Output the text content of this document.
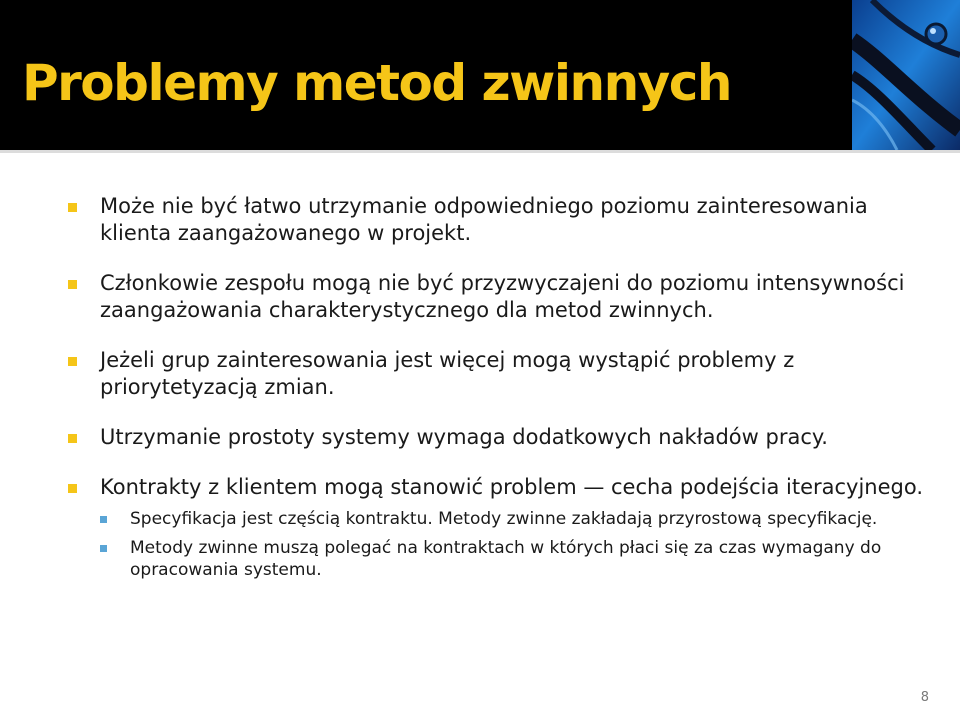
Problemy metod zwinnych
Może nie być łatwo utrzymanie odpowiedniego poziomu zainteresowania klienta zaangażowanego w projekt.
Członkowie zespołu mogą nie być przyzwyczajeni do poziomu intensywności zaangażowania charakterystycznego dla metod zwinnych.
Jeżeli grup zainteresowania jest więcej mogą wystąpić problemy z priorytetyzacją zmian.
Utrzymanie prostoty systemy wymaga dodatkowych nakładów pracy.
Kontrakty z klientem mogą stanowić problem — cecha podejścia iteracyjnego.
Specyfikacja jest częścią kontraktu. Metody zwinne zakładają przyrostową specyfikację.
Metody zwinne muszą polegać na kontraktach w których płaci się za czas wymagany do opracowania systemu.
8
